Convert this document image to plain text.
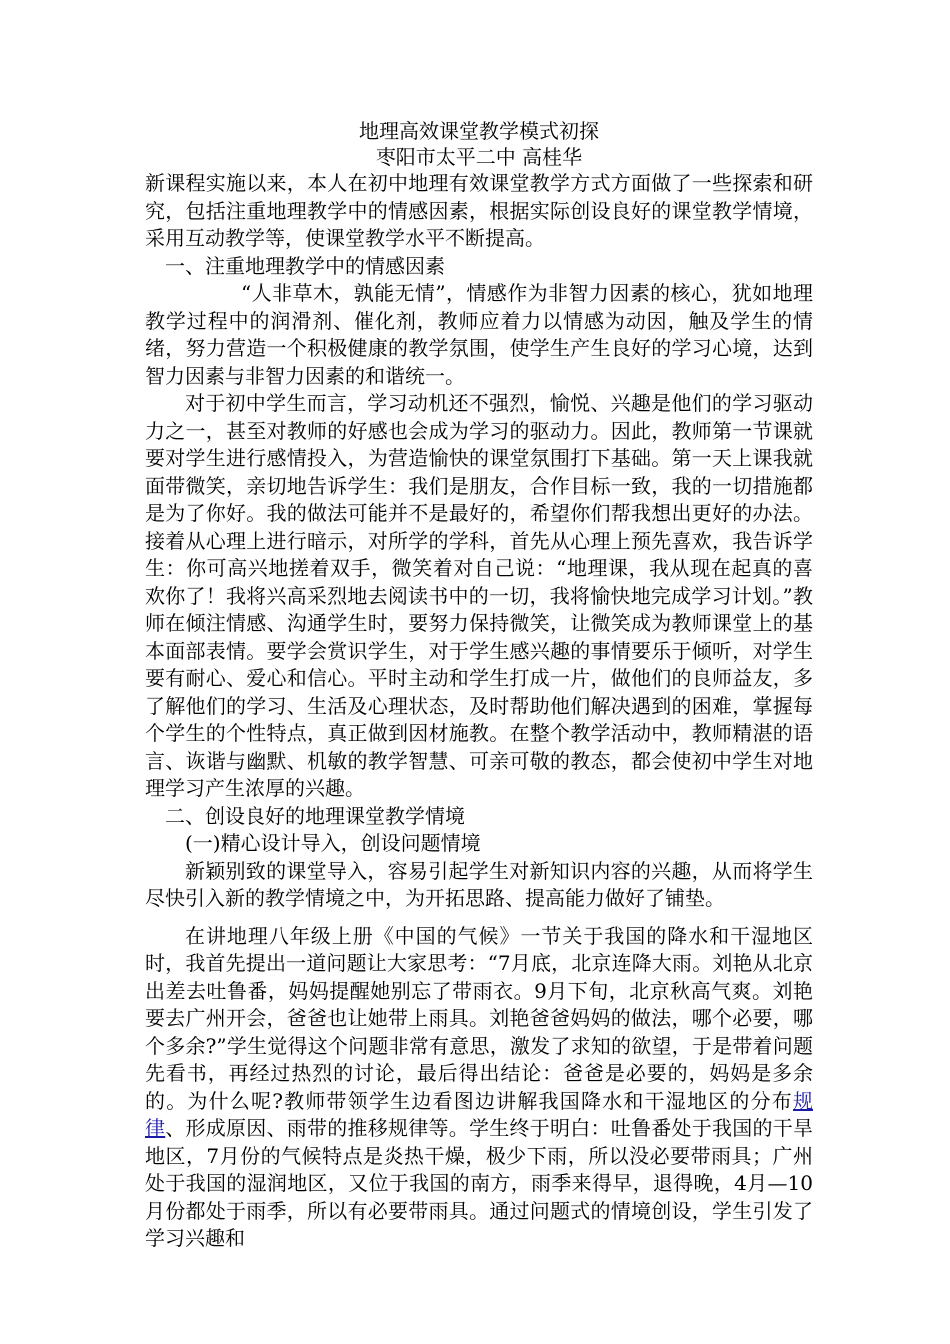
地理高效课堂教学模式初探

枣阳市太平二中 高桂华

新课程实施以来，本人在初中地理有效课堂教学方式方面做了一些探索和研究，包括注重地理教学中的情感因素，根据实际创设良好的课堂教学情境，采用互动教学等，使课堂教学水平不断提高。

一、注重地理教学中的情感因素

“人非草木，孰能无情”，情感作为非智力因素的核心，犹如地理教学过程中的润滑剂、催化剂，教师应着力以情感为动因，触及学生的情绪，努力营造一个积极健康的教学氛围，使学生产生良好的学习心境，达到智力因素与非智力因素的和谐统一。

对于初中学生而言，学习动机还不强烈，愉悦、兴趣是他们的学习驱动力之一，甚至对教师的好感也会成为学习的驱动力。因此，教师第一节课就要对学生进行感情投入，为营造愉快的课堂氛围打下基础。第一天上课我就面带微笑，亲切地告诉学生：我们是朋友，合作目标一致，我的一切措施都是为了你好。我的做法可能并不是最好的，希望你们帮我想出更好的办法。接着从心理上进行暗示，对所学的学科，首先从心理上预先喜欢，我告诉学生：你可高兴地搓着双手，微笑着对自己说：“地理课，我从现在起真的喜欢你了！我将兴高采烈地去阅读书中的一切，我将愉快地完成学习计划。”教师在倾注情感、沟通学生时，要努力保持微笑，让微笑成为教师课堂上的基本面部表情。要学会赏识学生，对于学生感兴趣的事情要乐于倾听，对学生要有耐心、爱心和信心。平时主动和学生打成一片，做他们的良师益友，多了解他们的学习、生活及心理状态，及时帮助他们解决遇到的困难，掌握每个学生的个性特点，真正做到因材施教。在整个教学活动中，教师精湛的语言、诙谐与幽默、机敏的教学智慧、可亲可敬的教态，都会使初中学生对地理学习产生浓厚的兴趣。

二、创设良好的地理课堂教学情境

(一)精心设计导入，创设问题情境

新颖别致的课堂导入，容易引起学生对新知识内容的兴趣，从而将学生尽快引入新的教学情境之中，为开拓思路、提高能力做好了铺垫。

在讲地理八年级上册《中国的气候》一节关于我国的降水和干湿地区时，我首先提出一道问题让大家思考：“7月底，北京连降大雨。刘艳从北京出差去吐鲁番，妈妈提醒她别忘了带雨衣。9月下旬，北京秋高气爽。刘艳要去广州开会，爸爸也让她带上雨具。刘艳爸爸妈妈的做法，哪个必要，哪个多余?”学生觉得这个问题非常有意思，激发了求知的欲望，于是带着问题先看书，再经过热烈的讨论，最后得出结论：爸爸是必要的，妈妈是多余的。为什么呢?教师带领学生边看图边讲解我国降水和干湿地区的分布规律、形成原因、雨带的推移规律等。学生终于明白：吐鲁番处于我国的干旱地区，7月份的气候特点是炎热干燥，极少下雨，所以没必要带雨具；广州处于我国的湿润地区，又位于我国的南方，雨季来得早，退得晚，4月—10月份都处于雨季，所以有必要带雨具。通过问题式的情境创设，学生引发了学习兴趣和
